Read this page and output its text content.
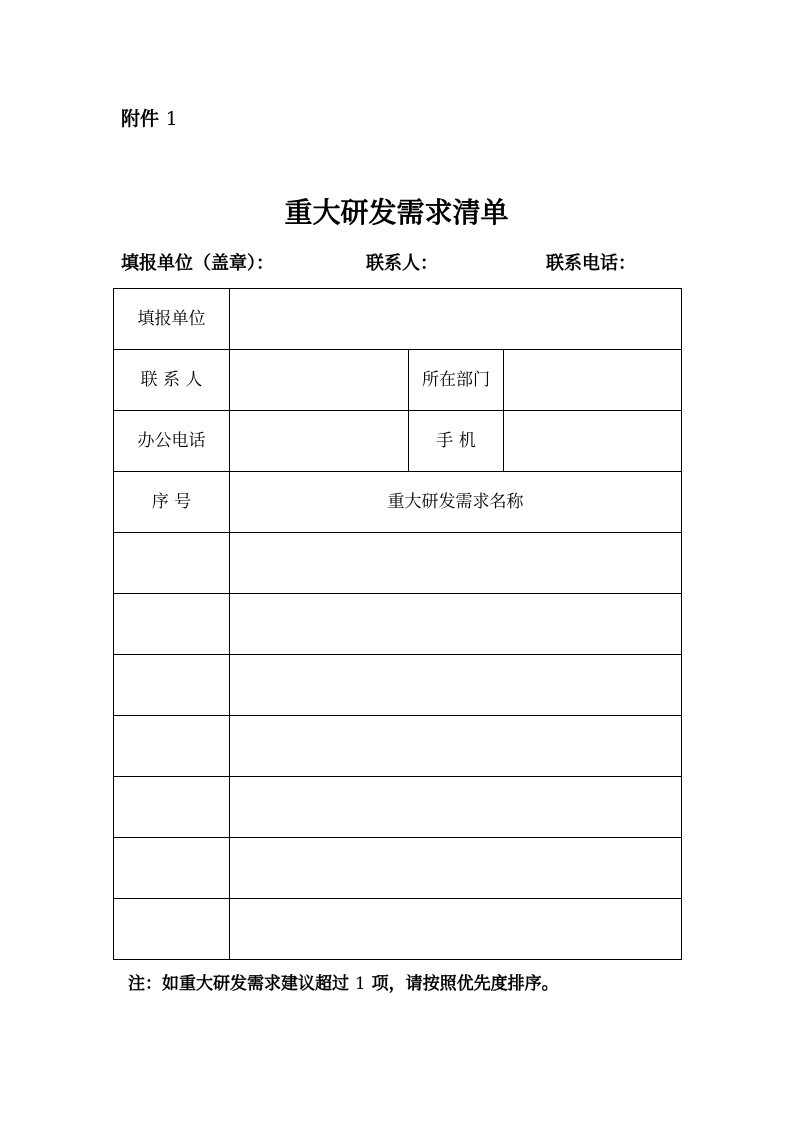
附件 1
重大研发需求清单
填报单位（盖章）：	联系人：	联系电话：
填报单位			
联 系 人		所在部门	
办公电话		手 机	
序 号	重大研发需求名称		

注：如重大研发需求建议超过 1 项，请按照优先度排序。
